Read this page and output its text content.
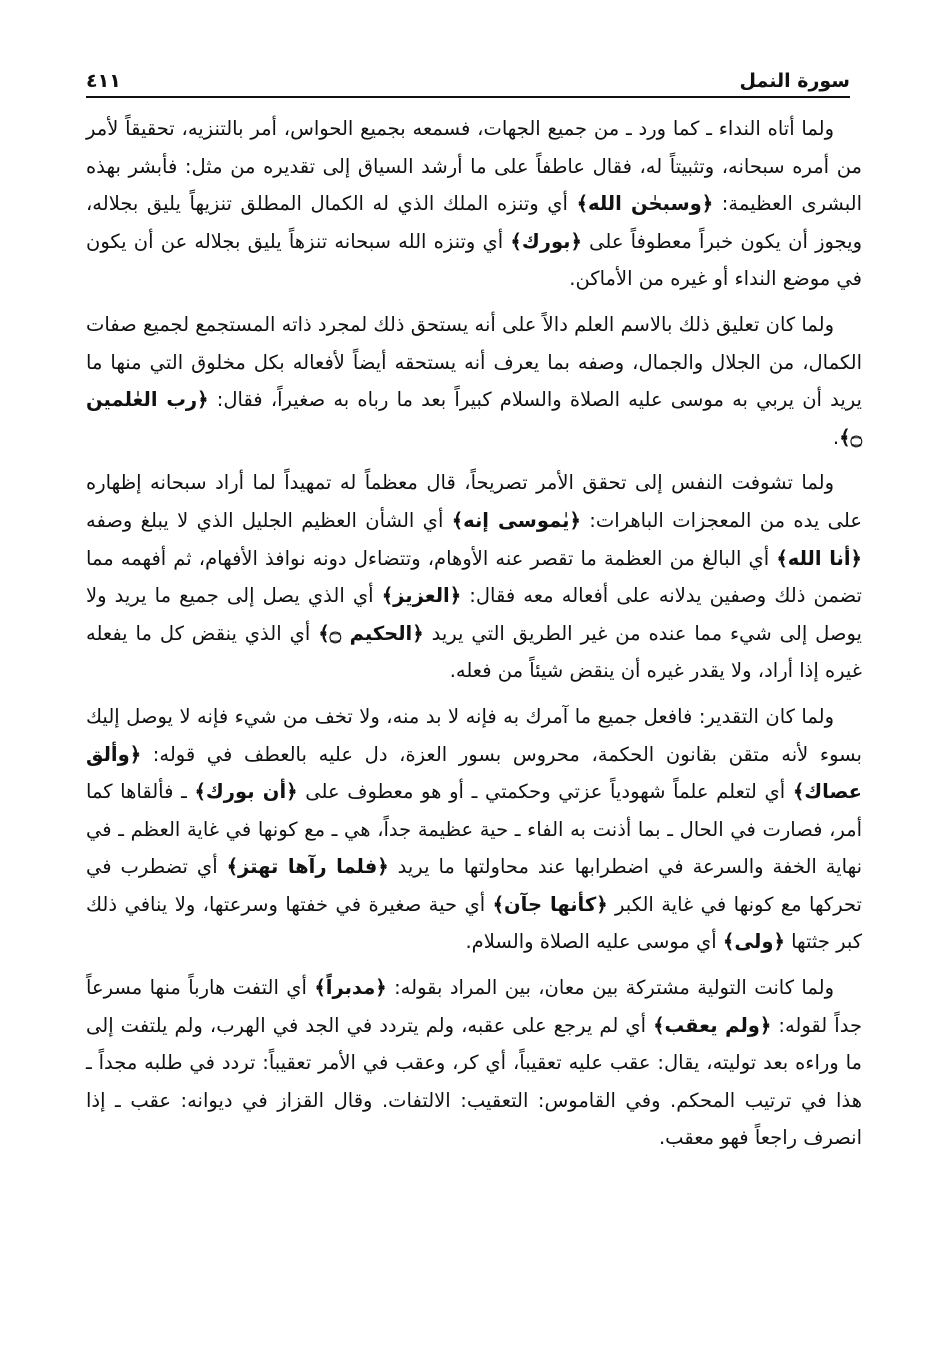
سورة النمل
٤١١

ولما أتاه النداء ـ كما ورد ـ من جميع الجهات، فسمعه بجميع الحواس، أمر بالتنزيه، تحقيقاً لأمر من أمره سبحانه، وتثبيتاً له، فقال عاطفاً على ما أرشد السياق إلى تقديره من مثل: فأبشر بهذه البشرى العظيمة: ﴿وسبحٰن الله﴾ أي وتنزه الملك الذي له الكمال المطلق تنزيهاً يليق بجلاله، ويجوز أن يكون خبراً معطوفاً على ﴿بورك﴾ أي وتنزه الله سبحانه تنزهاً يليق بجلاله عن أن يكون في موضع النداء أو غيره من الأماكن.

ولما كان تعليق ذلك بالاسم العلم دالاً على أنه يستحق ذلك لمجرد ذاته المستجمع لجميع صفات الكمال، من الجلال والجمال، وصفه بما يعرف أنه يستحقه أيضاً لأفعاله بكل مخلوق التي منها ما يريد أن يربي به موسى عليه الصلاة والسلام كبيراً بعد ما رباه به صغيراً، فقال: ﴿رب العٰلمين ۝﴾.

ولما تشوفت النفس إلى تحقق الأمر تصريحاً، قال معظماً له تمهيداً لما أراد سبحانه إظهاره على يده من المعجزات الباهرات: ﴿يٰموسى إنه﴾ أي الشأن العظيم الجليل الذي لا يبلغ وصفه ﴿أنا الله﴾ أي البالغ من العظمة ما تقصر عنه الأوهام، وتتضاءل دونه نوافذ الأفهام، ثم أفهمه مما تضمن ذلك وصفين يدلانه على أفعاله معه فقال: ﴿العزيز﴾ أي الذي يصل إلى جميع ما يريد ولا يوصل إلى شيء مما عنده من غير الطريق التي يريد ﴿الحكيم ۝﴾ أي الذي ينقض كل ما يفعله غيره إذا أراد، ولا يقدر غيره أن ينقض شيئاً من فعله.

ولما كان التقدير: فافعل جميع ما آمرك به فإنه لا بد منه، ولا تخف من شيء فإنه لا يوصل إليك بسوء لأنه متقن بقانون الحكمة، محروس بسور العزة، دل عليه بالعطف في قوله: ﴿وألق عصاك﴾ أي لتعلم علماً شهودياً عزتي وحكمتي ـ أو هو معطوف على ﴿أن بورك﴾ ـ فألقاها كما أمر، فصارت في الحال ـ بما أذنت به الفاء ـ حية عظيمة جداً، هي ـ مع كونها في غاية العظم ـ في نهاية الخفة والسرعة في اضطرابها عند محاولتها ما يريد ﴿فلما رآها تهتز﴾ أي تضطرب في تحركها مع كونها في غاية الكبر ﴿كأنها جآن﴾ أي حية صغيرة في خفتها وسرعتها، ولا ينافي ذلك كبر جثتها ﴿ولى﴾ أي موسى عليه الصلاة والسلام.

ولما كانت التولية مشتركة بين معان، بين المراد بقوله: ﴿مدبراً﴾ أي التفت هارباً منها مسرعاً جداً لقوله: ﴿ولم يعقب﴾ أي لم يرجع على عقبه، ولم يتردد في الجد في الهرب، ولم يلتفت إلى ما وراءه بعد توليته، يقال: عقب عليه تعقيباً، أي كر، وعقب في الأمر تعقيباً: تردد في طلبه مجداً ـ هذا في ترتيب المحكم. وفي القاموس: التعقيب: الالتفات. وقال القزاز في ديوانه: عقب ـ إذا انصرف راجعاً فهو معقب.
